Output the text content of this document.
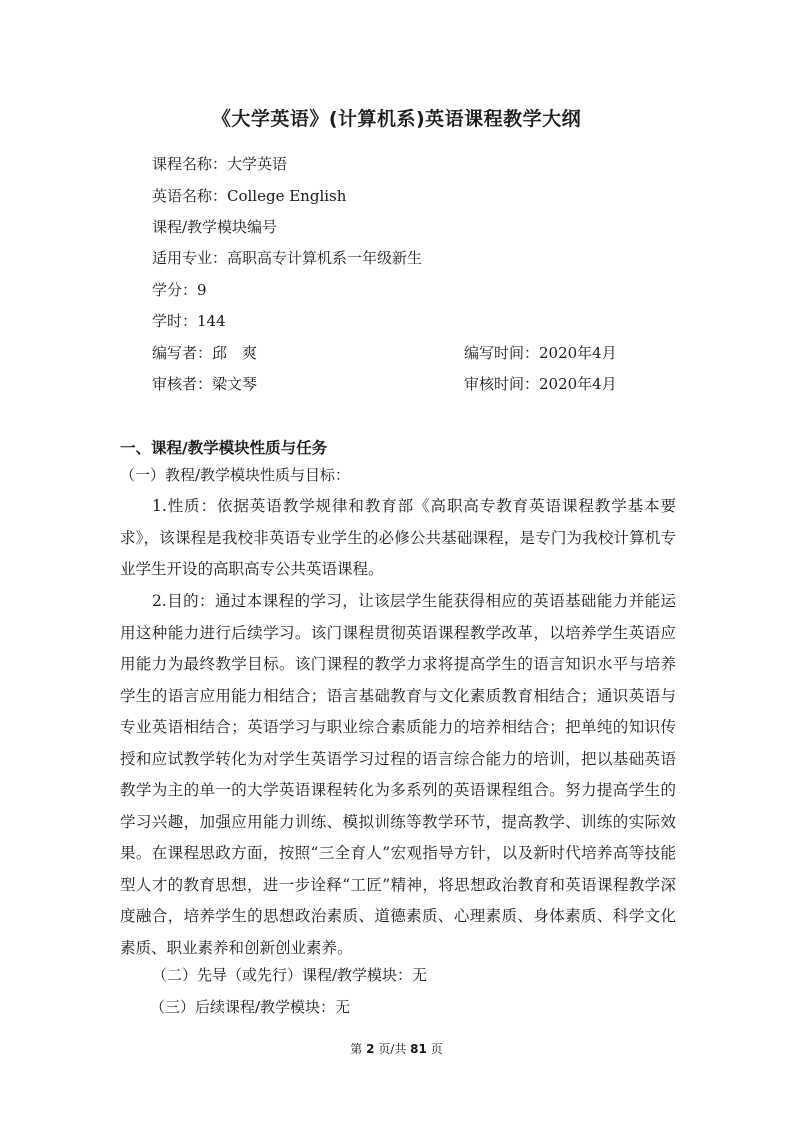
《大学英语》(计算机系)英语课程教学大纲
课程名称：大学英语
英语名称：College English
课程/教学模块编号
适用专业：高职高专计算机系一年级新生
学分：9
学时：144
编写者：邱　爽	编写时间：2020年4月
审核者：梁文琴	审核时间：2020年4月
一、课程/教学模块性质与任务
（一）教程/教学模块性质与目标：
1.性质：依据英语教学规律和教育部《高职高专教育英语课程教学基本要求》，该课程是我校非英语专业学生的必修公共基础课程，是专门为我校计算机专业学生开设的高职高专公共英语课程。
2.目的：通过本课程的学习，让该层学生能获得相应的英语基础能力并能运用这种能力进行后续学习。该门课程贯彻英语课程教学改革，以培养学生英语应用能力为最终教学目标。该门课程的教学力求将提高学生的语言知识水平与培养学生的语言应用能力相结合；语言基础教育与文化素质教育相结合；通识英语与专业英语相结合；英语学习与职业综合素质能力的培养相结合；把单纯的知识传授和应试教学转化为对学生英语学习过程的语言综合能力的培训，把以基础英语教学为主的单一的大学英语课程转化为多系列的英语课程组合。努力提高学生的学习兴趣，加强应用能力训练、模拟训练等教学环节，提高教学、训练的实际效果。在课程思政方面，按照“三全育人”宏观指导方针，以及新时代培养高等技能型人才的教育思想，进一步诠释“工匠”精神，将思想政治教育和英语课程教学深度融合，培养学生的思想政治素质、道德素质、心理素质、身体素质、科学文化素质、职业素养和创新创业素养。
（二）先导（或先行）课程/教学模块：无
（三）后续课程/教学模块：无
第 2 页/共 81 页
